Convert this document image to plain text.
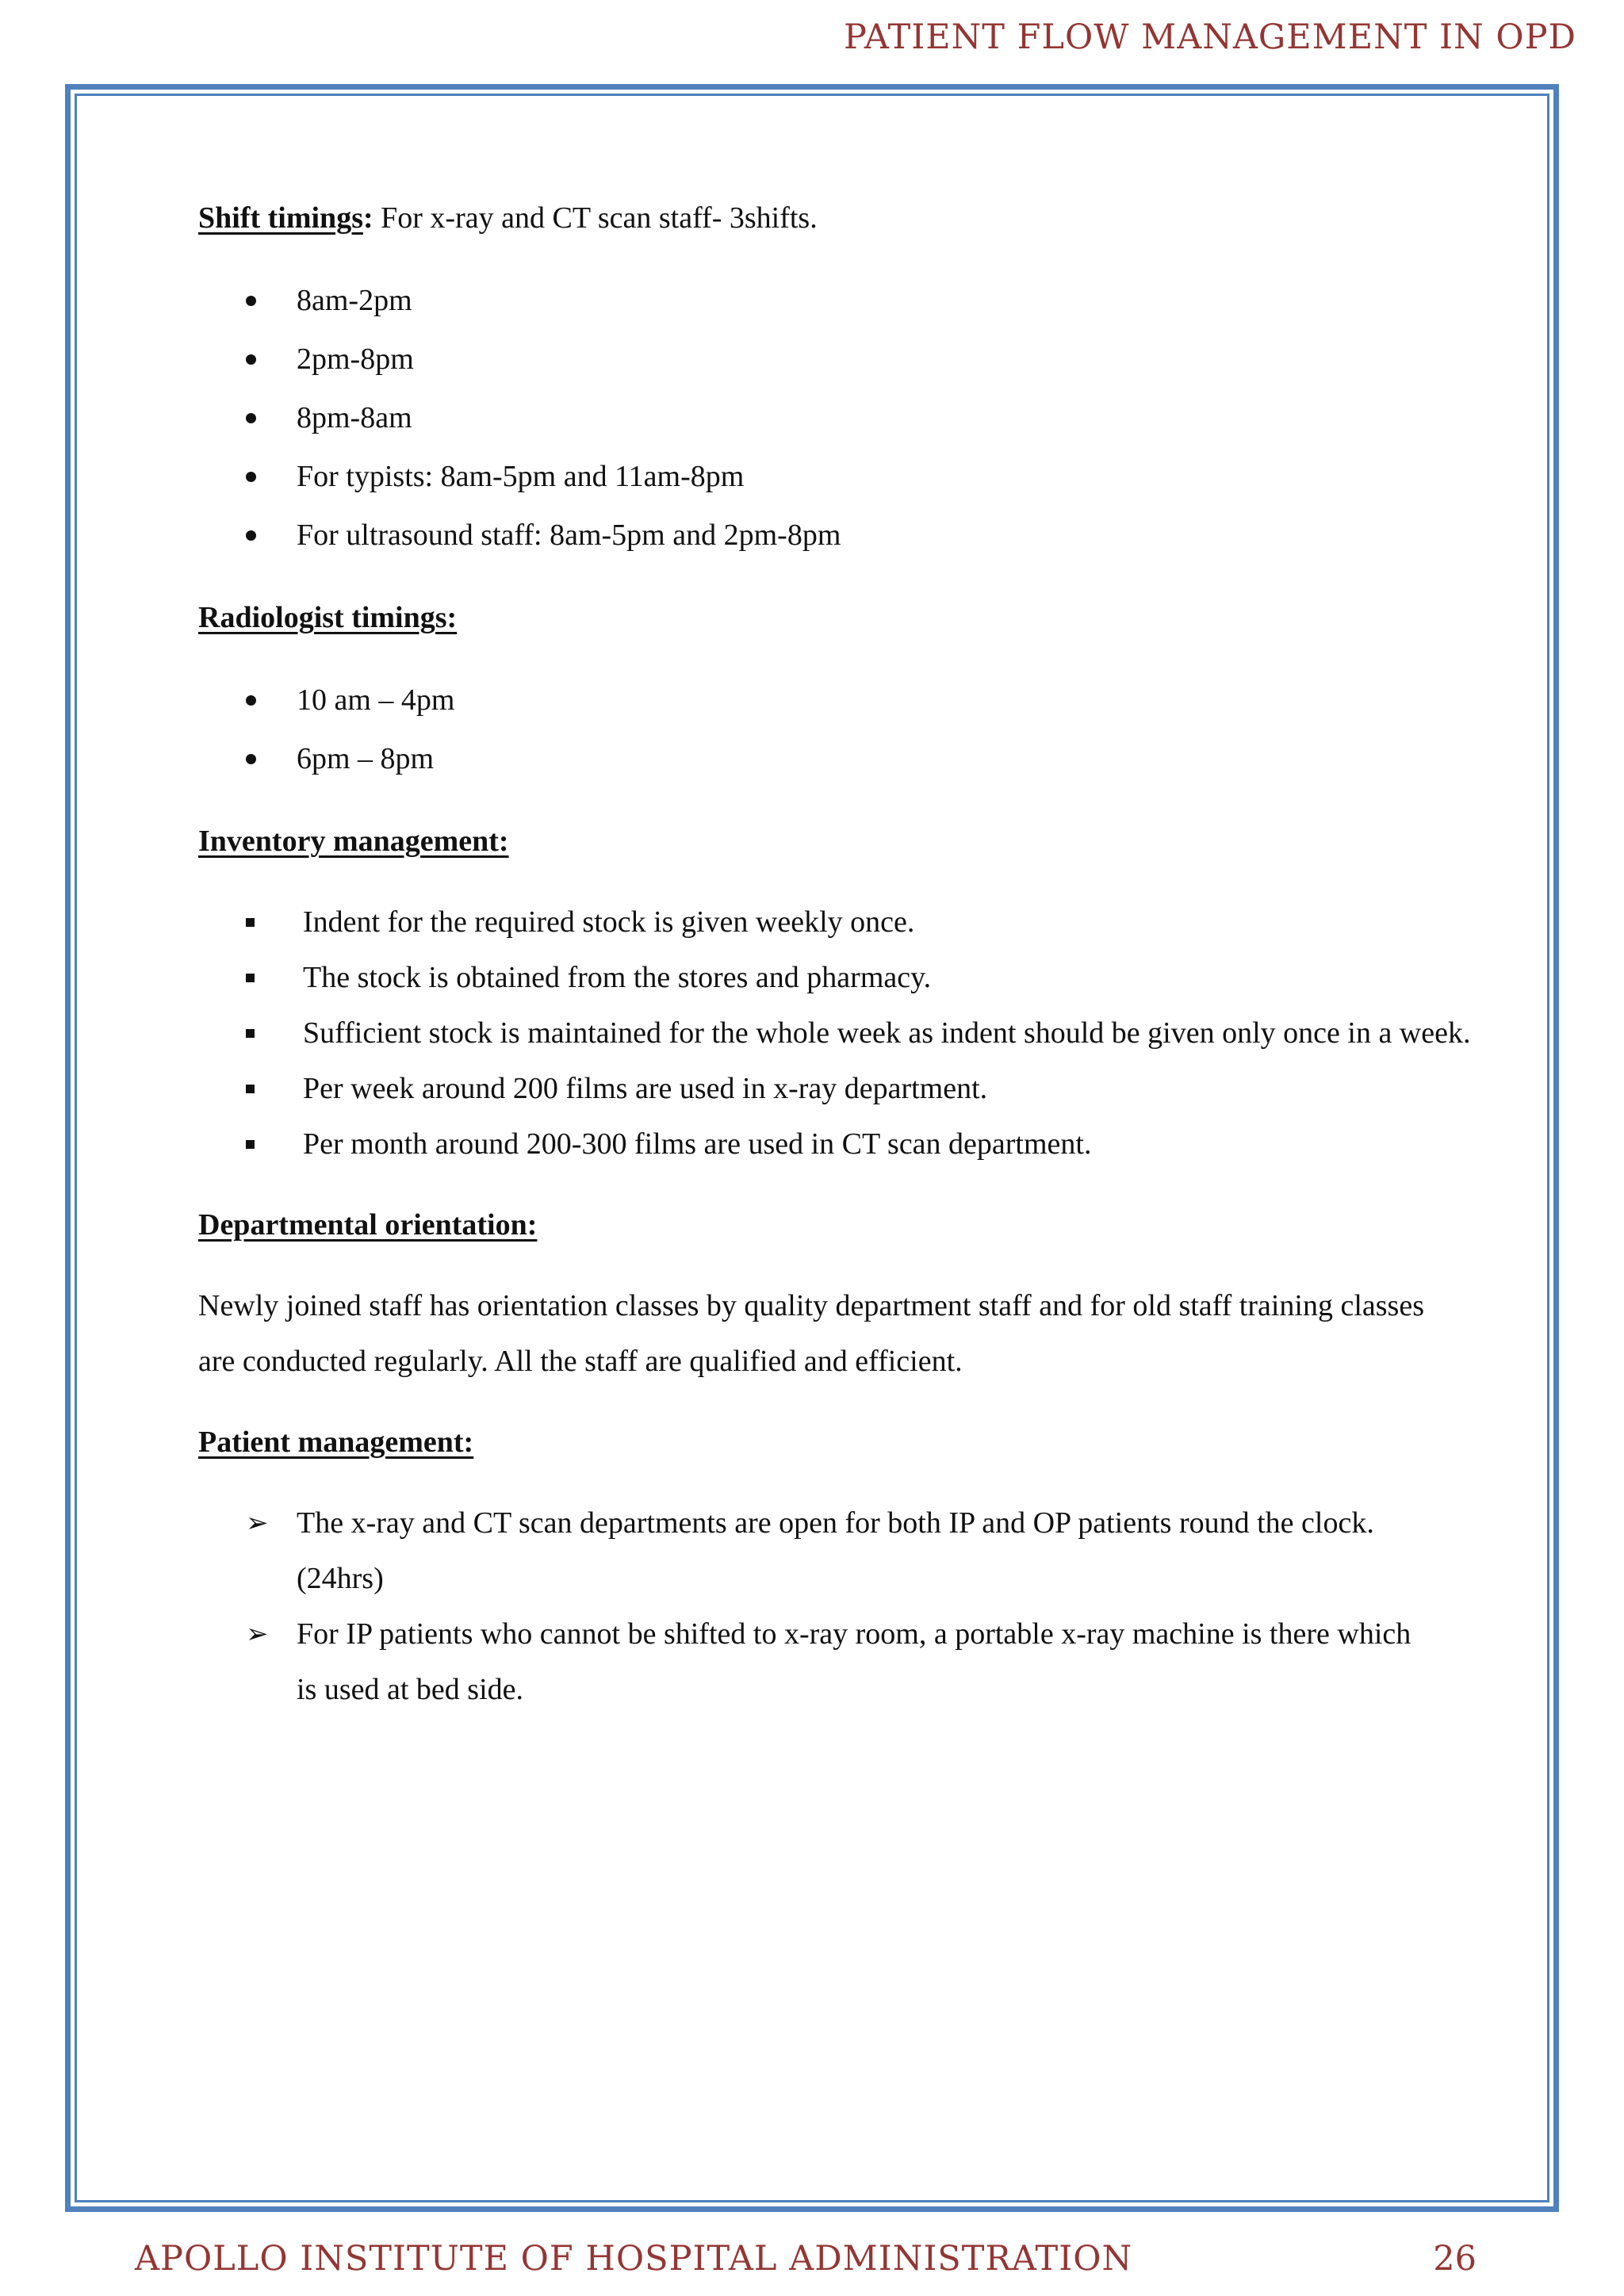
PATIENT FLOW MANAGEMENT IN OPD

Shift timings: For x-ray and CT scan staff- 3shifts.

8am-2pm
2pm-8pm
8pm-8am
For typists: 8am-5pm and 11am-8pm
For ultrasound staff: 8am-5pm and 2pm-8pm

Radiologist timings:

10 am – 4pm
6pm – 8pm

Inventory management:

Indent for the required stock is given weekly once.
The stock is obtained from the stores and pharmacy.
Sufficient stock is maintained for the whole week as indent should be given only once in a week.
Per week around 200 films are used in x-ray department.
Per month around 200-300 films are used in CT scan department.

Departmental orientation:

Newly joined staff has orientation classes by quality department staff and for old staff training classes are conducted regularly. All the staff are qualified and efficient.

Patient management:

➢ The x-ray and CT scan departments are open for both IP and OP patients round the clock.(24hrs)
➢ For IP patients who cannot be shifted to x-ray room, a portable x-ray machine is there which is used at bed side.
APOLLO INSTITUTE OF HOSPITAL ADMINISTRATION	26
